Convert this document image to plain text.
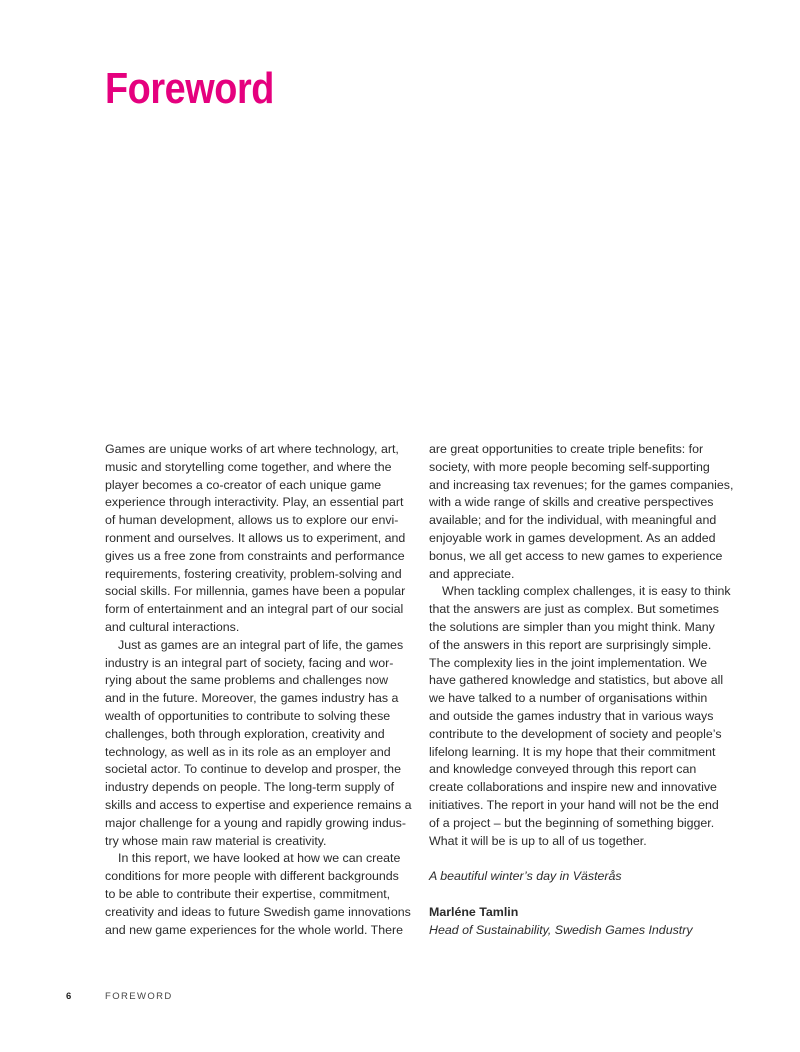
Foreword
Games are unique works of art where technology, art,
music and storytelling come together, and where the
player becomes a co-creator of each unique game
experience through interactivity. Play, an essential part
of human development, allows us to explore our envi-
ronment and ourselves. It allows us to experiment, and
gives us a free zone from constraints and performance
requirements, fostering creativity, problem-solving and
social skills. For millennia, games have been a popular
form of entertainment and an integral part of our social
and cultural interactions.
Just as games are an integral part of life, the games
industry is an integral part of society, facing and wor-
rying about the same problems and challenges now
and in the future. Moreover, the games industry has a
wealth of opportunities to contribute to solving these
challenges, both through exploration, creativity and
technology, as well as in its role as an employer and
societal actor. To continue to develop and prosper, the
industry depends on people. The long-term supply of
skills and access to expertise and experience remains a
major challenge for a young and rapidly growing indus-
try whose main raw material is creativity.
In this report, we have looked at how we can create
conditions for more people with different backgrounds
to be able to contribute their expertise, commitment,
creativity and ideas to future Swedish game innovations
and new game experiences for the whole world. There
are great opportunities to create triple benefits: for
society, with more people becoming self-supporting
and increasing tax revenues; for the games companies,
with a wide range of skills and creative perspectives
available; and for the individual, with meaningful and
enjoyable work in games development. As an added
bonus, we all get access to new games to experience
and appreciate.
When tackling complex challenges, it is easy to think
that the answers are just as complex. But sometimes
the solutions are simpler than you might think. Many
of the answers in this report are surprisingly simple.
The complexity lies in the joint implementation. We
have gathered knowledge and statistics, but above all
we have talked to a number of organisations within
and outside the games industry that in various ways
contribute to the development of society and people’s
lifelong learning. It is my hope that their commitment
and knowledge conveyed through this report can
create collaborations and inspire new and innovative
initiatives. The report in your hand will not be the end
of a project – but the beginning of something bigger.
What it will be is up to all of us together.
A beautiful winter’s day in Västerås
Marléne Tamlin
Head of Sustainability, Swedish Games Industry
6	FOREWORD
